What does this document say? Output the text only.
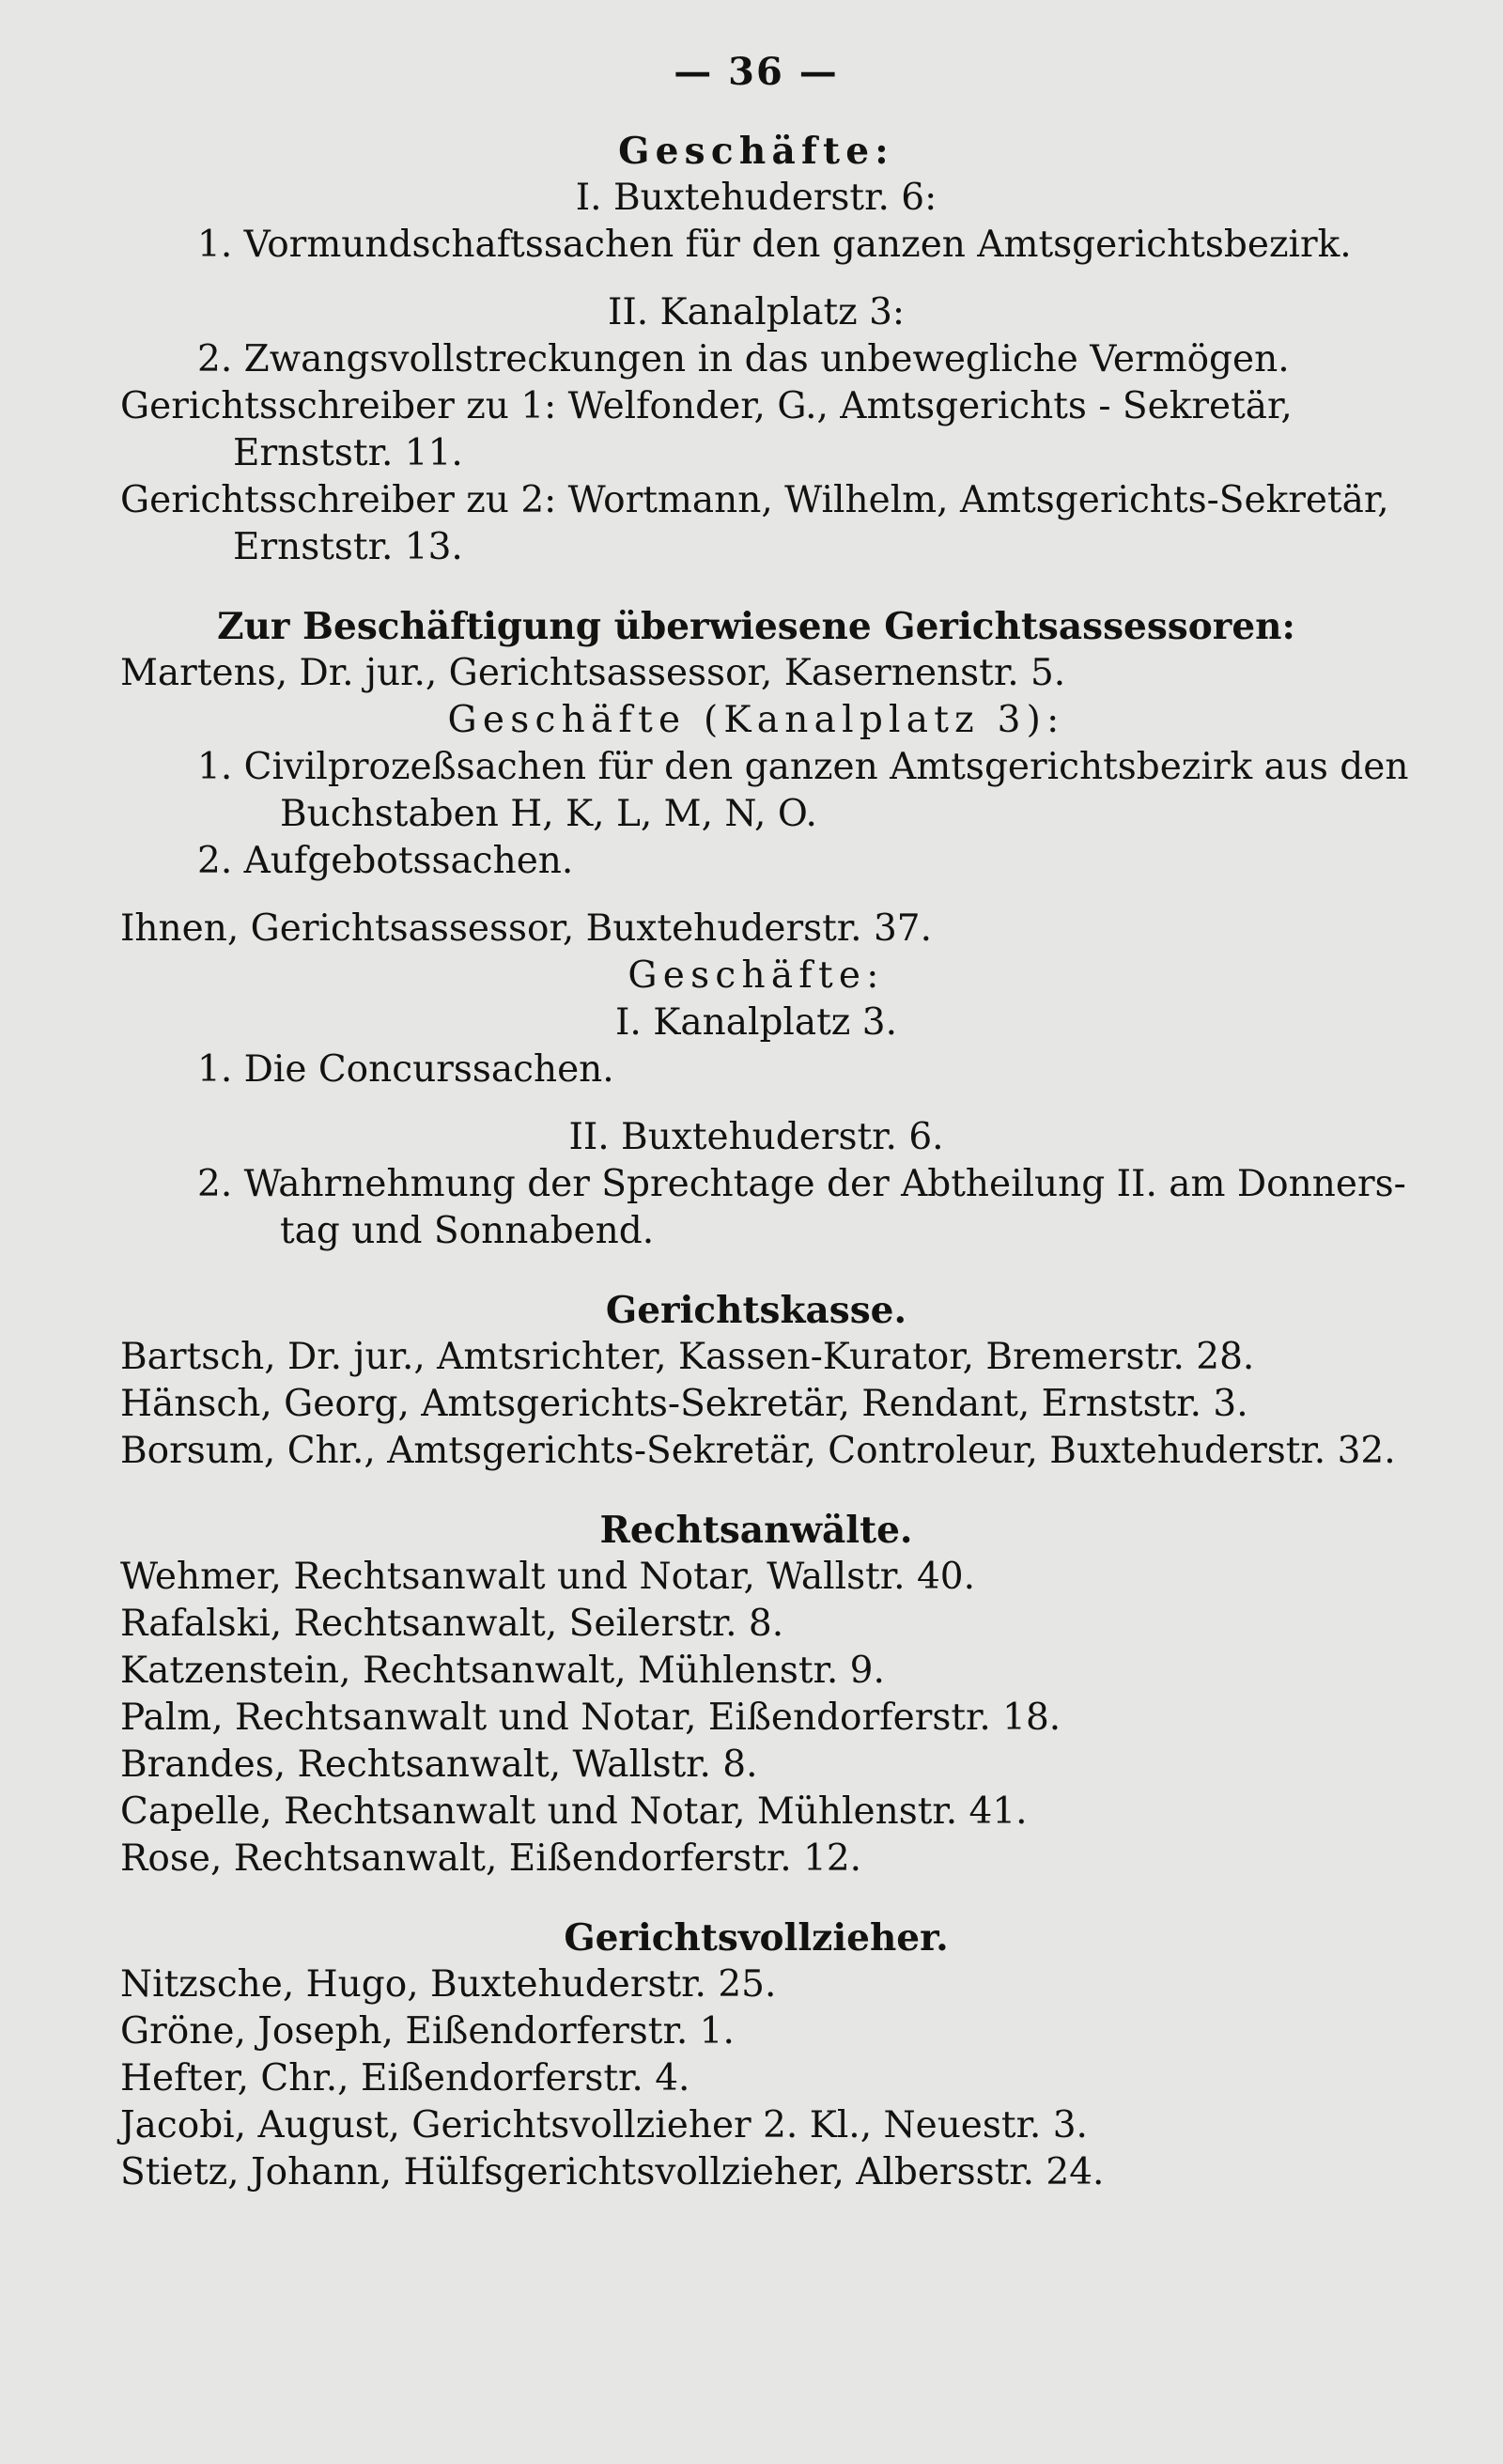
— 36 —
Geschäfte:
I. Buxtehuderstr. 6:
1. Vormundschaftssachen für den ganzen Amtsgerichtsbezirk.
II. Kanalplatz 3:
2. Zwangsvollstreckungen in das unbewegliche Vermögen.
Gerichtsschreiber zu 1: Welfonder, G., Amtsgerichts - Sekretär,
Ernststr. 11.
Gerichtsschreiber zu 2: Wortmann, Wilhelm, Amtsgerichts-Sekretär,
Ernststr. 13.
Zur Beschäftigung überwiesene Gerichtsassessoren:
Martens, Dr. jur., Gerichtsassessor, Kasernenstr. 5.
Geschäfte (Kanalplatz 3):
1. Civilprozeßsachen für den ganzen Amtsgerichtsbezirk aus den
Buchstaben H, K, L, M, N, O.
2. Aufgebotssachen.
Ihnen, Gerichtsassessor, Buxtehuderstr. 37.
Geschäfte:
I. Kanalplatz 3.
1. Die Concurssachen.
II. Buxtehuderstr. 6.
2. Wahrnehmung der Sprechtage der Abtheilung II. am Donners-
tag und Sonnabend.
Gerichtskasse.
Bartsch, Dr. jur., Amtsrichter, Kassen-Kurator, Bremerstr. 28.
Hänsch, Georg, Amtsgerichts-Sekretär, Rendant, Ernststr. 3.
Borsum, Chr., Amtsgerichts-Sekretär, Controleur, Buxtehuderstr. 32.
Rechtsanwälte.
Wehmer, Rechtsanwalt und Notar, Wallstr. 40.
Rafalski, Rechtsanwalt, Seilerstr. 8.
Katzenstein, Rechtsanwalt, Mühlenstr. 9.
Palm, Rechtsanwalt und Notar, Eißendorferstr. 18.
Brandes, Rechtsanwalt, Wallstr. 8.
Capelle, Rechtsanwalt und Notar, Mühlenstr. 41.
Rose, Rechtsanwalt, Eißendorferstr. 12.
Gerichtsvollzieher.
Nitzsche, Hugo, Buxtehuderstr. 25.
Gröne, Joseph, Eißendorferstr. 1.
Hefter, Chr., Eißendorferstr. 4.
Jacobi, August, Gerichtsvollzieher 2. Kl., Neuestr. 3.
Stietz, Johann, Hülfsgerichtsvollzieher, Albersstr. 24.
